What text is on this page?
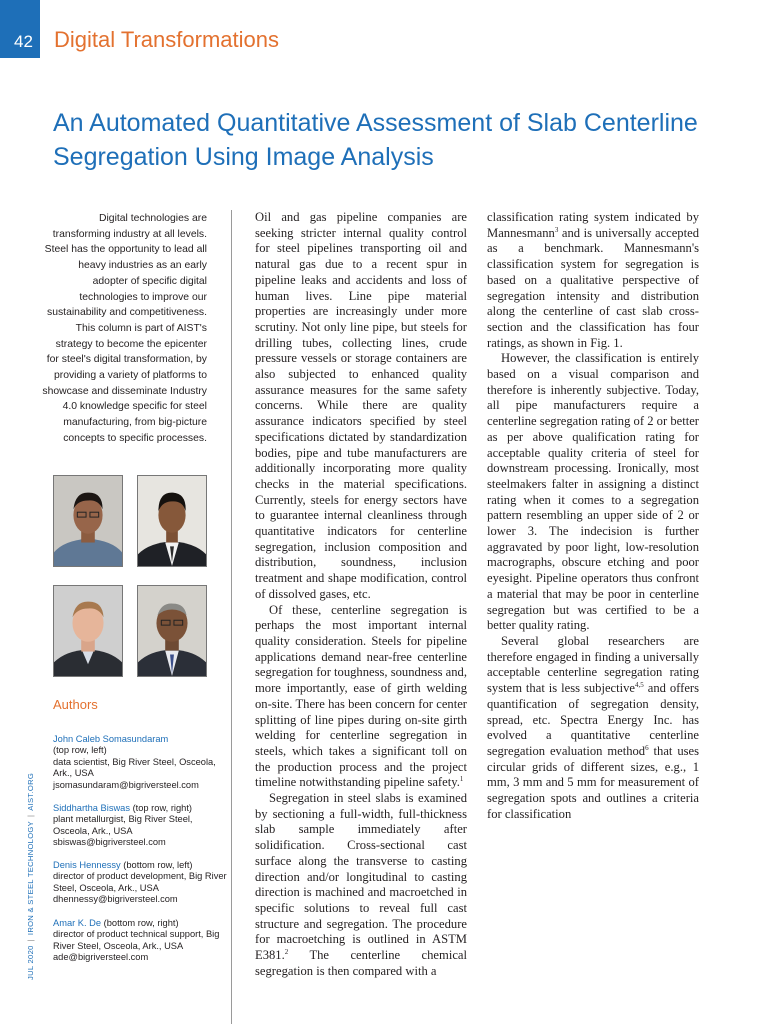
42 Digital Transformations
An Automated Quantitative Assessment of Slab Centerline Segregation Using Image Analysis

Digital technologies are transforming industry at all levels. Steel has the opportunity to lead all heavy industries as an early adopter of specific digital technologies to improve our sustainability and competitiveness. This column is part of AIST's strategy to become the epicenter for steel's digital transformation, by providing a variety of platforms to showcase and disseminate Industry 4.0 knowledge specific for steel manufacturing, from big-picture concepts to specific processes.

Authors
John Caleb Somasundaram
(top row, left)
data scientist, Big River Steel, Osceola, Ark., USA
jsomasundaram@bigriversteel.com
Siddhartha Biswas (top row, right)
plant metallurgist, Big River Steel, Osceola, Ark., USA
sbiswas@bigriversteel.com
Denis Hennessy (bottom row, left)
director of product development, Big River Steel, Osceola, Ark., USA
dhennessy@bigriversteel.com
Amar K. De (bottom row, right)
director of product technical support, Big River Steel, Osceola, Ark., USA
ade@bigriversteel.com
JUL 2020|IRON & STEEL TECHNOLOGY|AIST.ORG

Oil and gas pipeline companies are seeking stricter internal quality control for steel pipelines transporting oil and natural gas due to a recent spur in pipeline leaks and accidents and loss of human lives. Line pipe material properties are increasingly under more scrutiny. Not only line pipe, but steels for drilling tubes, collecting lines, crude pressure vessels or storage containers are also subjected to enhanced quality assurance measures for the same safety concerns. While there are quality assurance indicators specified by steel specifications dictated by standardization bodies, pipe and tube manufacturers are additionally incorporating more quality checks in the material specifications. Currently, steels for energy sectors have to guarantee internal cleanliness through quantitative indicators for centerline segregation, inclusion composition and distribution, soundness, inclusion treatment and shape modification, control of dissolved gases, etc.

Of these, centerline segregation is perhaps the most important internal quality consideration. Steels for pipeline applications demand near-free centerline segregation for toughness, soundness and, more importantly, ease of girth welding on-site. There has been concern for center splitting of line pipes during on-site girth welding for centerline segregation in steels, which takes a significant toll on the production process and the project timeline notwithstanding pipeline safety.$^1$

Segregation in steel slabs is examined by sectioning a full-width, full-thickness slab sample immediately after solidification. Cross-sectional cast surface along the transverse to casting direction and/or longitudinal to casting direction is machined and macroetched in specific solutions to reveal full cast structure and segregation. The procedure for macroetching is outlined in ASTM E381.$^2$ The centerline chemical segregation is then compared with a

classification rating system indicated by Mannesmann$^3$ and is universally accepted as a benchmark. Mannesmann's classification system for segregation is based on a qualitative perspective of segregation intensity and distribution along the centerline of cast slab cross-section and the classification has four ratings, as shown in Fig. 1.

However, the classification is entirely based on a visual comparison and therefore is inherently subjective. Today, all pipe manufacturers require a centerline segregation rating of 2 or better as per above qualification rating for acceptable quality criteria of steel for downstream processing. Ironically, most steelmakers falter in assigning a distinct rating when it comes to a segregation pattern resembling an upper side of 2 or lower 3. The indecision is further aggravated by poor light, low-resolution macrographs, obscure etching and poor eyesight. Pipeline operators thus confront a material that may be poor in centerline segregation but was certified to be a better quality rating.

Several global researchers are therefore engaged in finding a universally acceptable centerline segregation rating system that is less subjective$^{4,5}$ and offers quantification of segregation density, spread, etc. Spectra Energy Inc. has evolved a quantitative centerline segregation evaluation method$^6$ that uses circular grids of different sizes, e.g., 1 mm, 3 mm and 5 mm for measurement of segregation spots and outlines a criteria for classification
